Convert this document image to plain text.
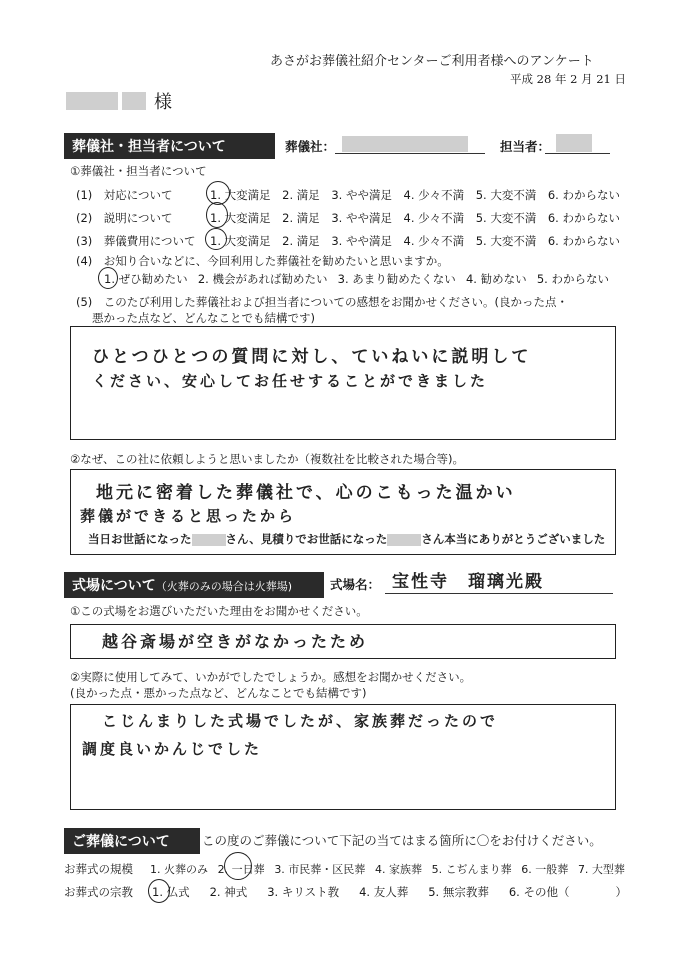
あさがお葬儀社紹介センターご利用者様へのアンケート
平成 28 年 2 月 21 日
様
葬儀社・担当者について	葬儀社：	担当者：
①葬儀社・担当者について
(1)　対応について	1. 大変満足 2. 満足 3. やや満足 4. 少々不満 5. 大変不満 6. わからない
(2)　説明について	1. 大変満足 2. 満足 3. やや満足 4. 少々不満 5. 大変不満 6. わからない
(3)　葬儀費用について 1. 大変満足 2. 満足 3. やや満足 4. 少々不満 5. 大変不満 6. わからない
(4)　お知り合いなどに、今回利用した葬儀社を勧めたいと思いますか。
1. ぜひ勧めたい 2. 機会があれば勧めたい 3. あまり勧めたくない 4. 勧めない 5. わからない
(5)　このたび利用した葬儀社および担当者についての感想をお聞かせください。(良かった点・
悪かった点など、どんなことでも結構です)
ひとつひとつの質問に対し、ていねいに説明して
ください、安心してお任せすることができました
②なぜ、この社に依頼しようと思いましたか（複数社を比較された場合等)。
地元に密着した葬儀社で、心のこもった温かい
葬儀ができると思ったから
当日お世話になった	さん、見積りでお世話になった	さん本当にありがとうございました
式場について（火葬のみの場合は火葬場)	式場名： 宝性寺　瑠璃光殿
①この式場をお選びいただいた理由をお聞かせください。
越谷斎場が空きがなかったため
②実際に使用してみて、いかがでしたでしょうか。感想をお聞かせください。
(良かった点・悪かった点など、どんなことでも結構です)
こじんまりした式場でしたが、家族葬だったので
調度良いかんじでした
ご葬儀について	この度のご葬儀について下記の当てはまる箇所に〇をお付けください。
お葬式の規模 1. 火葬のみ 2. 一日葬 3. 市民葬・区民葬 4. 家族葬 5. こぢんまり葬 6. 一般葬 7. 大型葬
お葬式の宗教 1. 仏式 2. 神式 3. キリスト教 4. 友人葬 5. 無宗教葬 6. その他（　　　　）
